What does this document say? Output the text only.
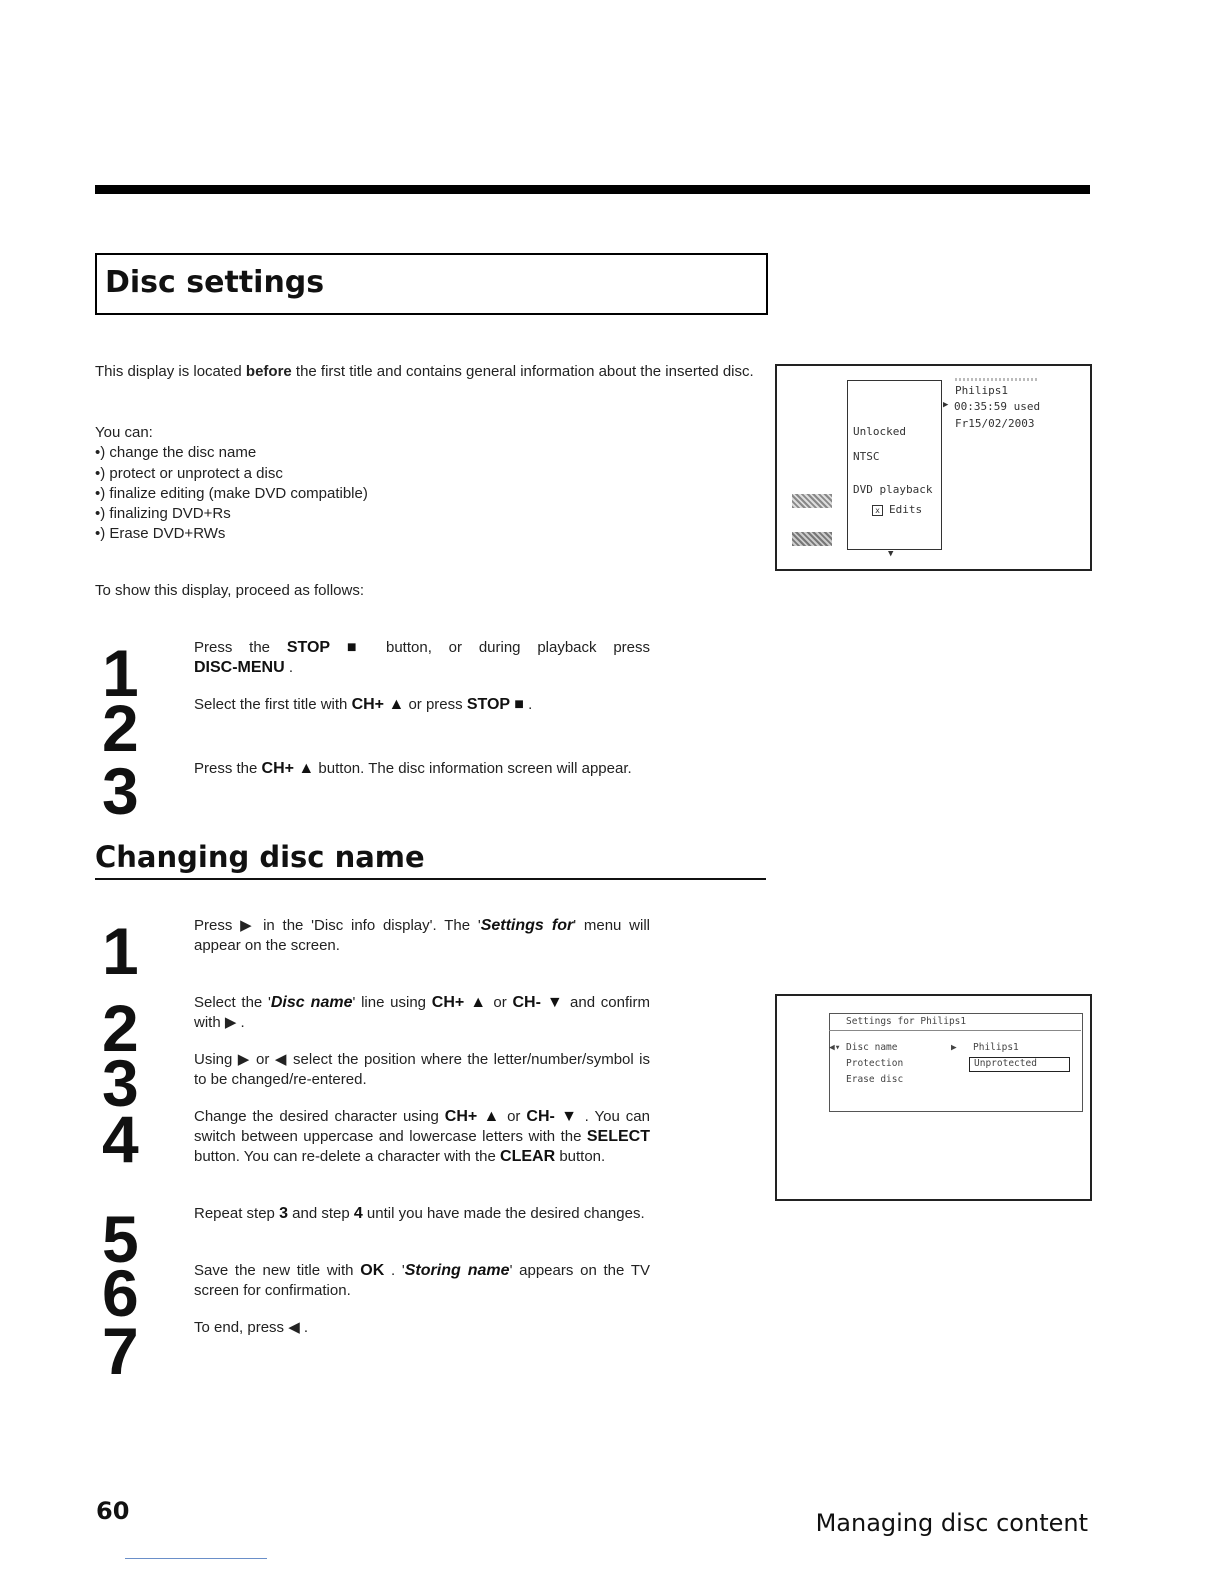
Disc settings
This display is located before the first title and contains general information about the inserted disc.
You can:
•) change the disc name
•) protect or unprotect a disc
•) finalize editing (make DVD compatible)
•) finalizing DVD+Rs
•) Erase DVD+RWs
To show this display, proceed as follows:
1
2
3
Press the STOP ■ button, or during playback press
DISC-MENU .
Select the first title with CH+ ▲ or press STOP ■ .
Press the CH+ ▲ button. The disc information screen will appear.
Changing disc name
1
2
3
4
5
6
7
Press ▶ in the 'Disc info display'. The 'Settings for' menu will appear on the screen.
Select the 'Disc name' line using CH+ ▲ or CH- ▼ and confirm with ▶ .
Using ▶ or ◀ select the position where the letter/number/symbol is to be changed/re-entered.
Change the desired character using CH+ ▲ or CH- ▼ . You can switch between uppercase and lowercase letters with the SELECT button. You can re-delete a character with the CLEAR button.
Repeat step 3 and step 4 until you have made the desired changes.
Save the new title with OK . 'Storing name' appears on the TV screen for confirmation.
To end, press ◀ .
Philips1
▶ 00:35:59 used
Fr15/02/2003
Unlocked
NTSC
DVD playback
x Edits
▼
Settings for Philips1
◀▾ Disc name
Protection
Erase disc
▶ Philips1
Unprotected
60	Managing disc content
